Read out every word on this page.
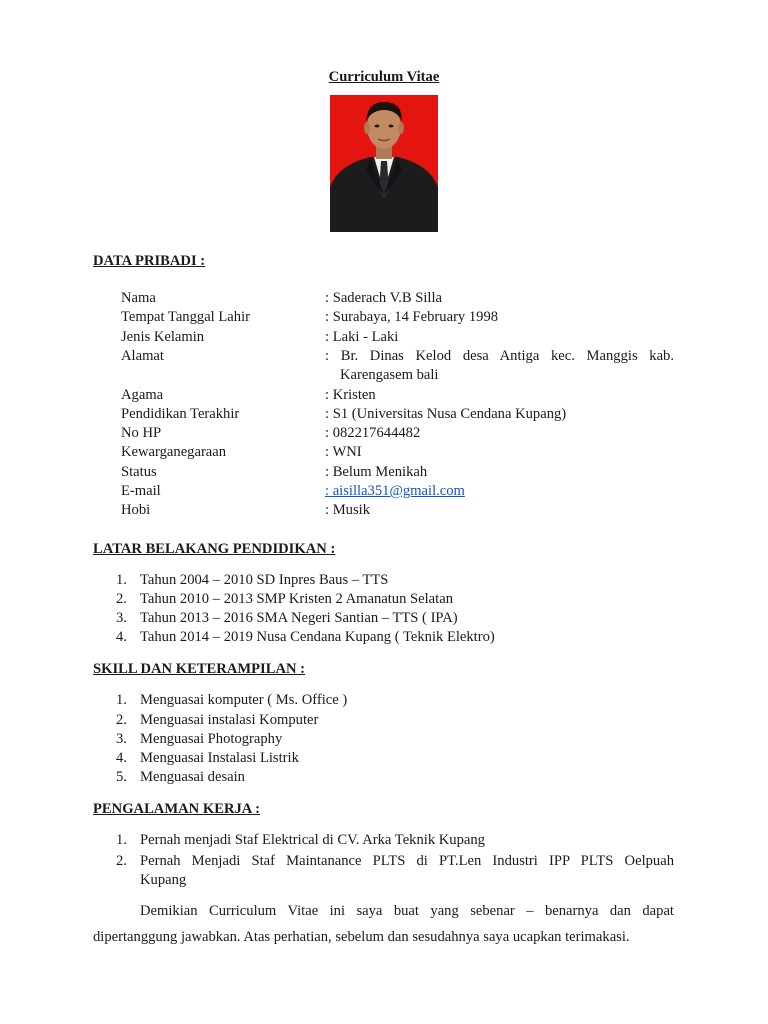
Curriculum Vitae
DATA PRIBADI :
Nama	: Saderach V.B Silla
Tempat Tanggal Lahir	: Surabaya, 14 February 1998
Jenis Kelamin	: Laki - Laki
Alamat	: Br. Dinas Kelod desa Antiga kec. Manggis kab.
Karengasem bali
Agama	: Kristen
Pendidikan Terakhir	: S1 (Universitas Nusa Cendana Kupang)
No HP	: 082217644482
Kewarganegaraan	: WNI
Status	: Belum Menikah
E-mail	: aisilla351@gmail.com
Hobi	: Musik
LATAR BELAKANG PENDIDIKAN :
1. Tahun 2004 – 2010 SD Inpres Baus – TTS
2. Tahun 2010 – 2013 SMP Kristen 2 Amanatun Selatan
3. Tahun 2013 – 2016 SMA Negeri Santian – TTS ( IPA)
4. Tahun 2014 – 2019 Nusa Cendana Kupang ( Teknik Elektro)
SKILL DAN KETERAMPILAN :
1. Menguasai komputer ( Ms. Office )
2. Menguasai instalasi Komputer
3. Menguasai Photography
4. Menguasai Instalasi Listrik
5. Menguasai desain
PENGALAMAN KERJA :
1. Pernah menjadi Staf Elektrical di CV. Arka Teknik Kupang
2. Pernah Menjadi Staf Maintanance PLTS di PT.Len Industri IPP PLTS Oelpuah
Kupang
Demikian Curriculum Vitae ini saya buat yang sebenar – benarnya dan dapat dipertanggung jawabkan. Atas perhatian, sebelum dan sesudahnya saya ucapkan terimakasi.
